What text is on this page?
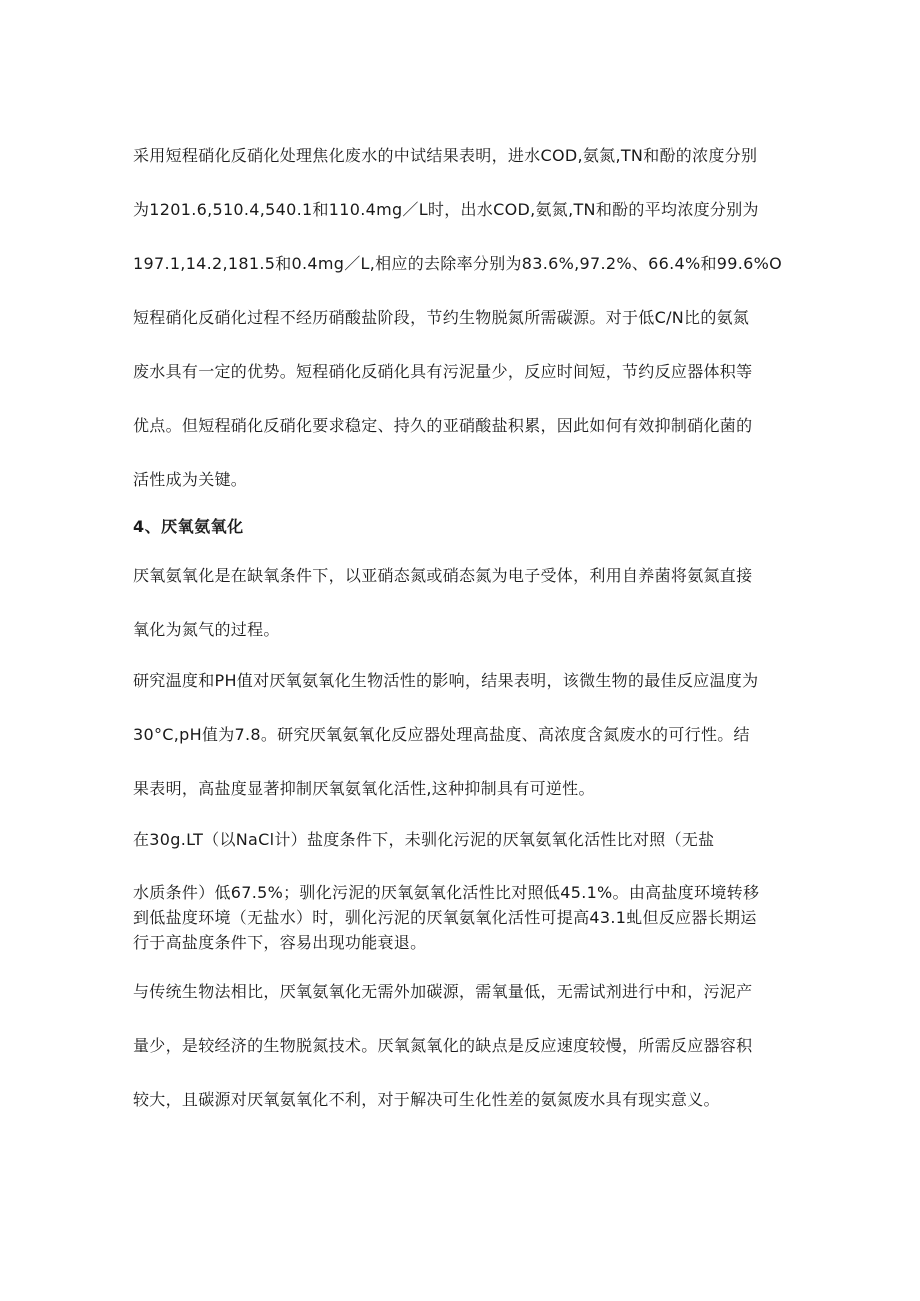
采用短程硝化反硝化处理焦化废水的中试结果表明，进水COD,氨氮,TN和酚的浓度分别

为1201.6,510.4,540.1和110.4mg／L时，出水COD,氨氮,TN和酚的平均浓度分别为

197.1,14.2,181.5和0.4mg／L,相应的去除率分别为83.6%,97.2%、66.4%和99.6%O

短程硝化反硝化过程不经历硝酸盐阶段，节约生物脱氮所需碳源。对于低C/N比的氨氮

废水具有一定的优势。短程硝化反硝化具有污泥量少，反应时间短，节约反应器体积等

优点。但短程硝化反硝化要求稳定、持久的亚硝酸盐积累，因此如何有效抑制硝化菌的

活性成为关键。

4、厌氧氨氧化

厌氧氨氧化是在缺氧条件下，以亚硝态氮或硝态氮为电子受体，利用自养菌将氨氮直接

氧化为氮气的过程。

研究温度和PH值对厌氧氨氧化生物活性的影响，结果表明，该微生物的最佳反应温度为

30°C,pH值为7.8。研究厌氧氨氧化反应器处理高盐度、高浓度含氮废水的可行性。结

果表明，高盐度显著抑制厌氧氨氧化活性,这种抑制具有可逆性。

在30g.LT（以NaCl计）盐度条件下，未驯化污泥的厌氧氨氧化活性比对照（无盐

水质条件）低67.5%；驯化污泥的厌氧氨氧化活性比对照低45.1%。由高盐度环境转移

到低盐度环境（无盐水）时，驯化污泥的厌氧氨氧化活性可提高43.1虬但反应器长期运

行于高盐度条件下，容易出现功能衰退。

与传统生物法相比，厌氧氨氧化无需外加碳源，需氧量低，无需试剂进行中和，污泥产

量少，是较经济的生物脱氮技术。厌氧氮氧化的缺点是反应速度较慢，所需反应器容积

较大，且碳源对厌氧氨氧化不利，对于解决可生化性差的氨氮废水具有现实意义。
